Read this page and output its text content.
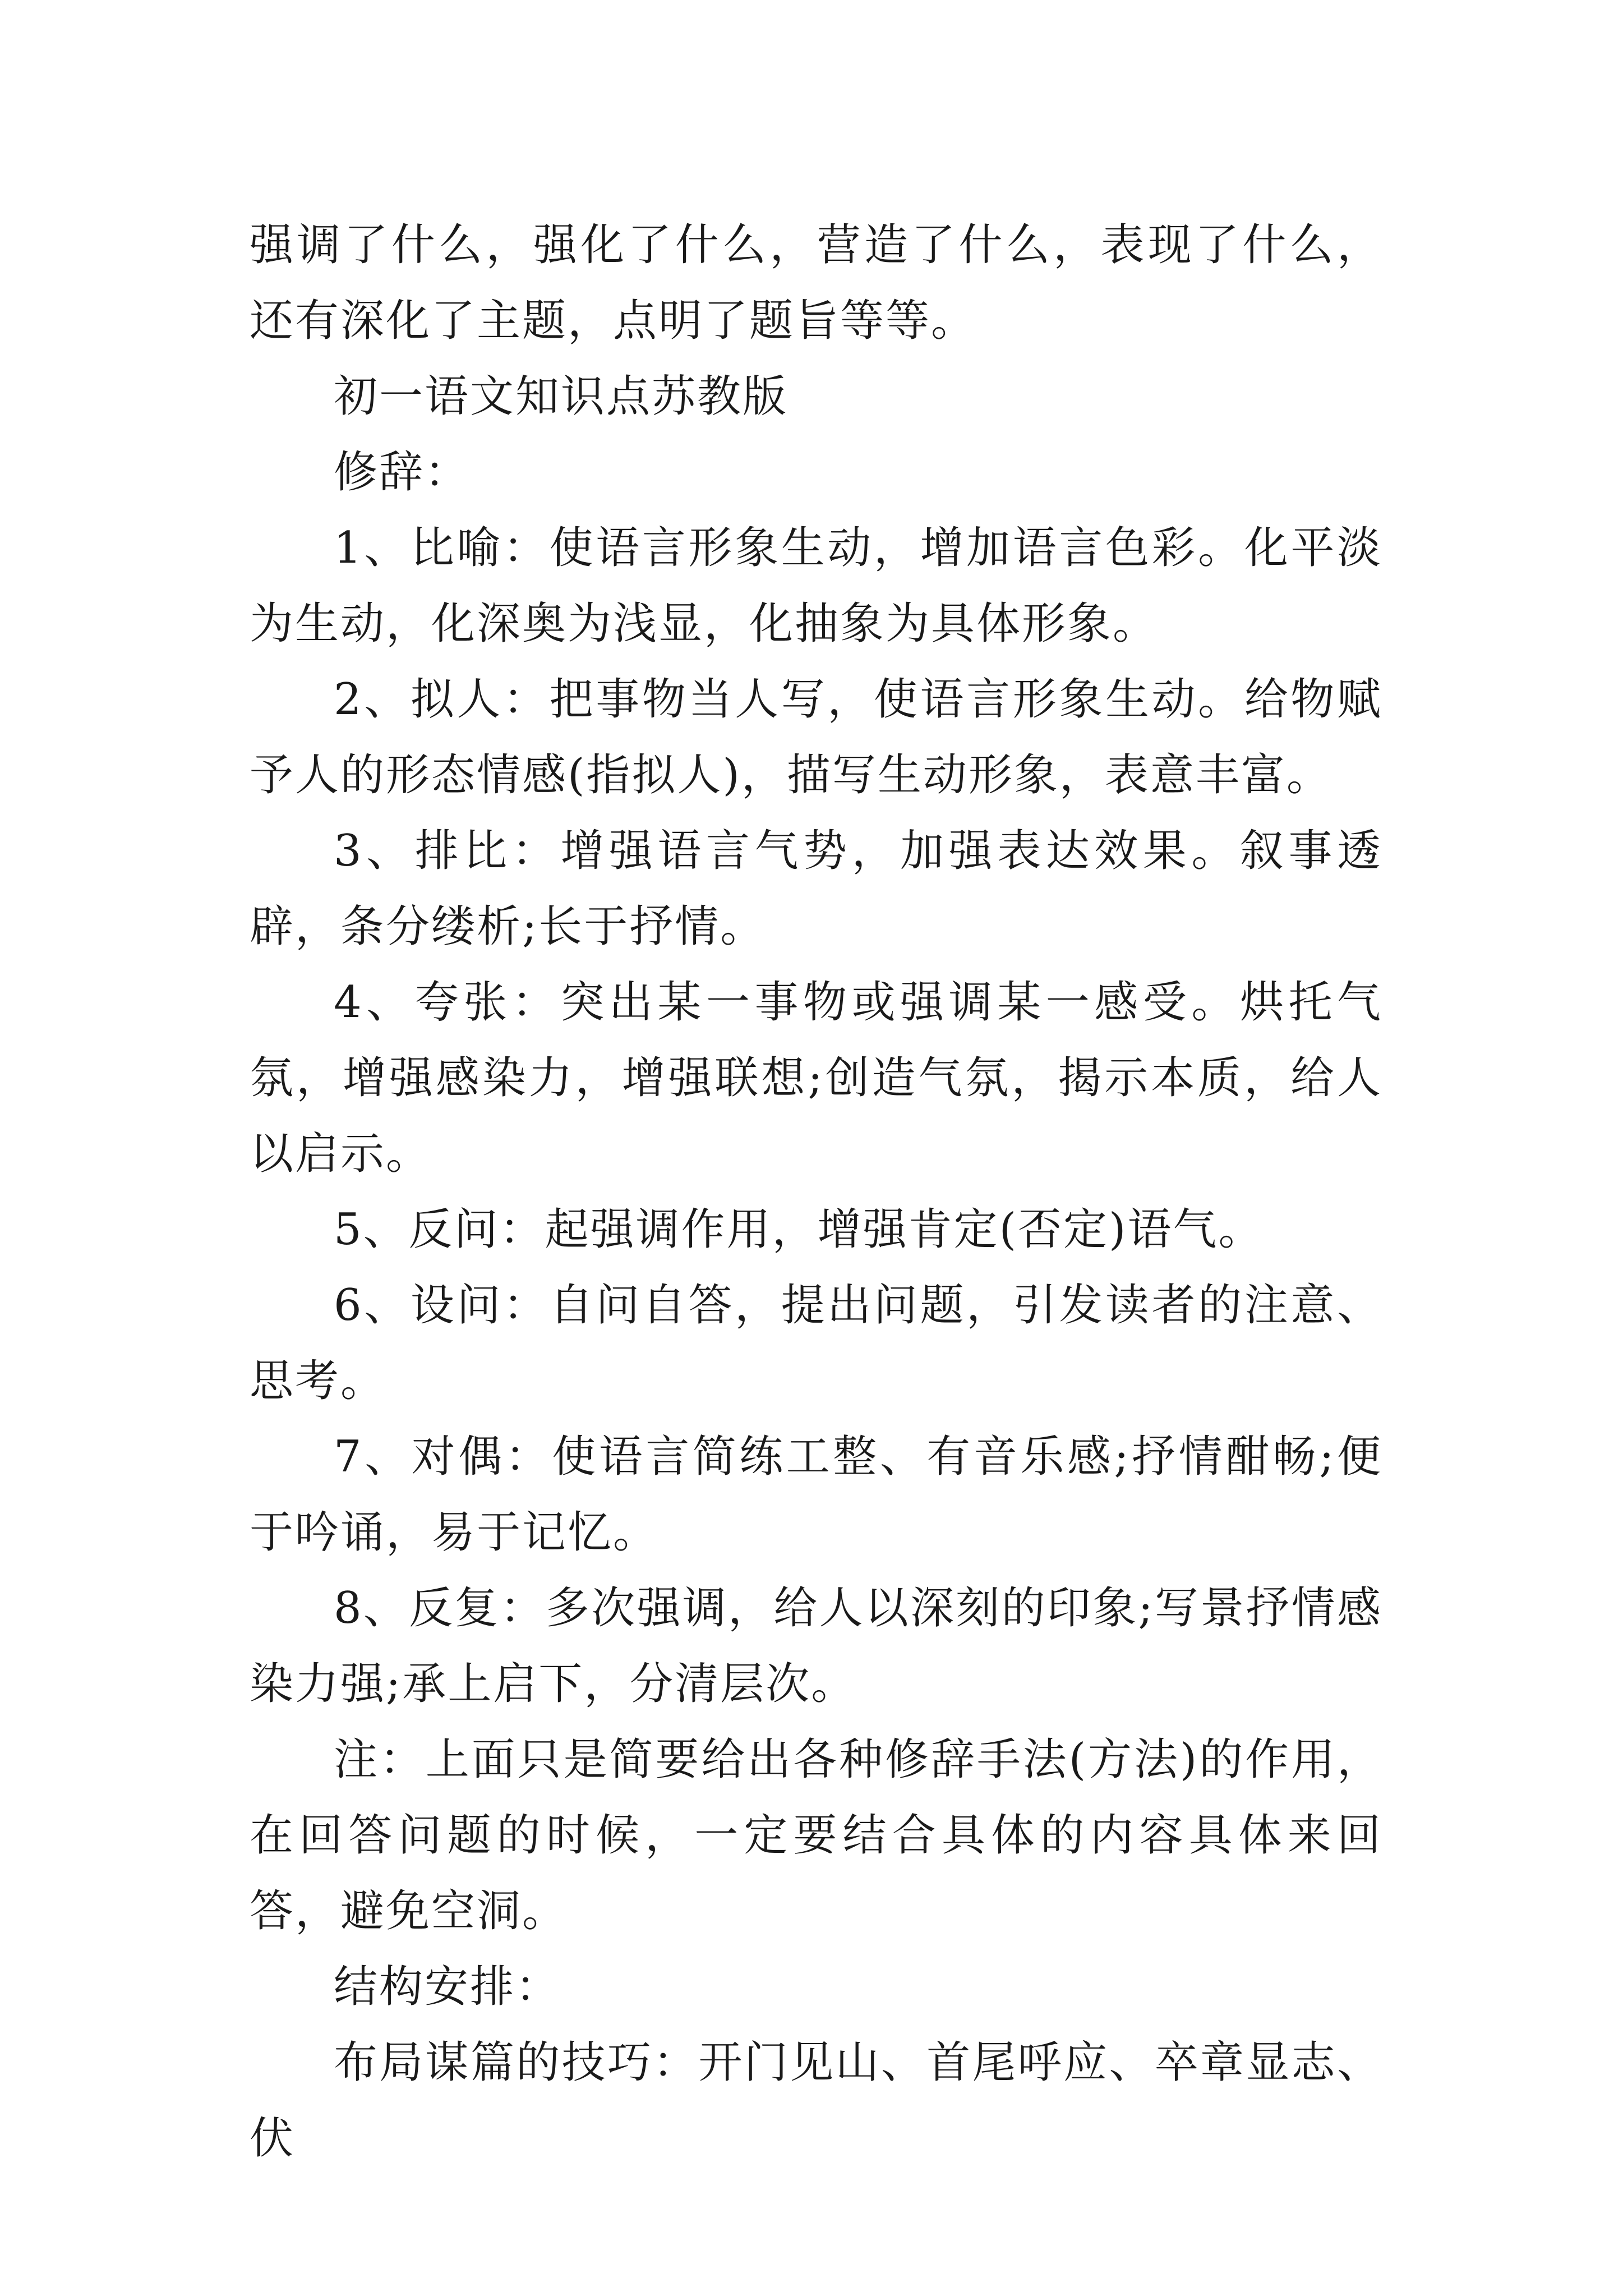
强调了什么，强化了什么，营造了什么，表现了什么，还有深化了主题，点明了题旨等等。

初一语文知识点苏教版

修辞：

1、比喻：使语言形象生动，增加语言色彩。化平淡为生动，化深奥为浅显，化抽象为具体形象。

2、拟人：把事物当人写，使语言形象生动。给物赋予人的形态情感(指拟人)，描写生动形象，表意丰富。

3、排比：增强语言气势，加强表达效果。叙事透辟，条分缕析;长于抒情。

4、夸张：突出某一事物或强调某一感受。烘托气氛，增强感染力，增强联想;创造气氛，揭示本质，给人以启示。

5、反问：起强调作用，增强肯定(否定)语气。

6、设问：自问自答，提出问题，引发读者的注意、思考。

7、对偶：使语言简练工整、有音乐感;抒情酣畅;便于吟诵，易于记忆。

8、反复：多次强调，给人以深刻的印象;写景抒情感染力强;承上启下，分清层次。

注：上面只是简要给出各种修辞手法(方法)的作用，在回答问题的时候，一定要结合具体的内容具体来回答，避免空洞。

结构安排：

布局谋篇的技巧：开门见山、首尾呼应、卒章显志、伏
